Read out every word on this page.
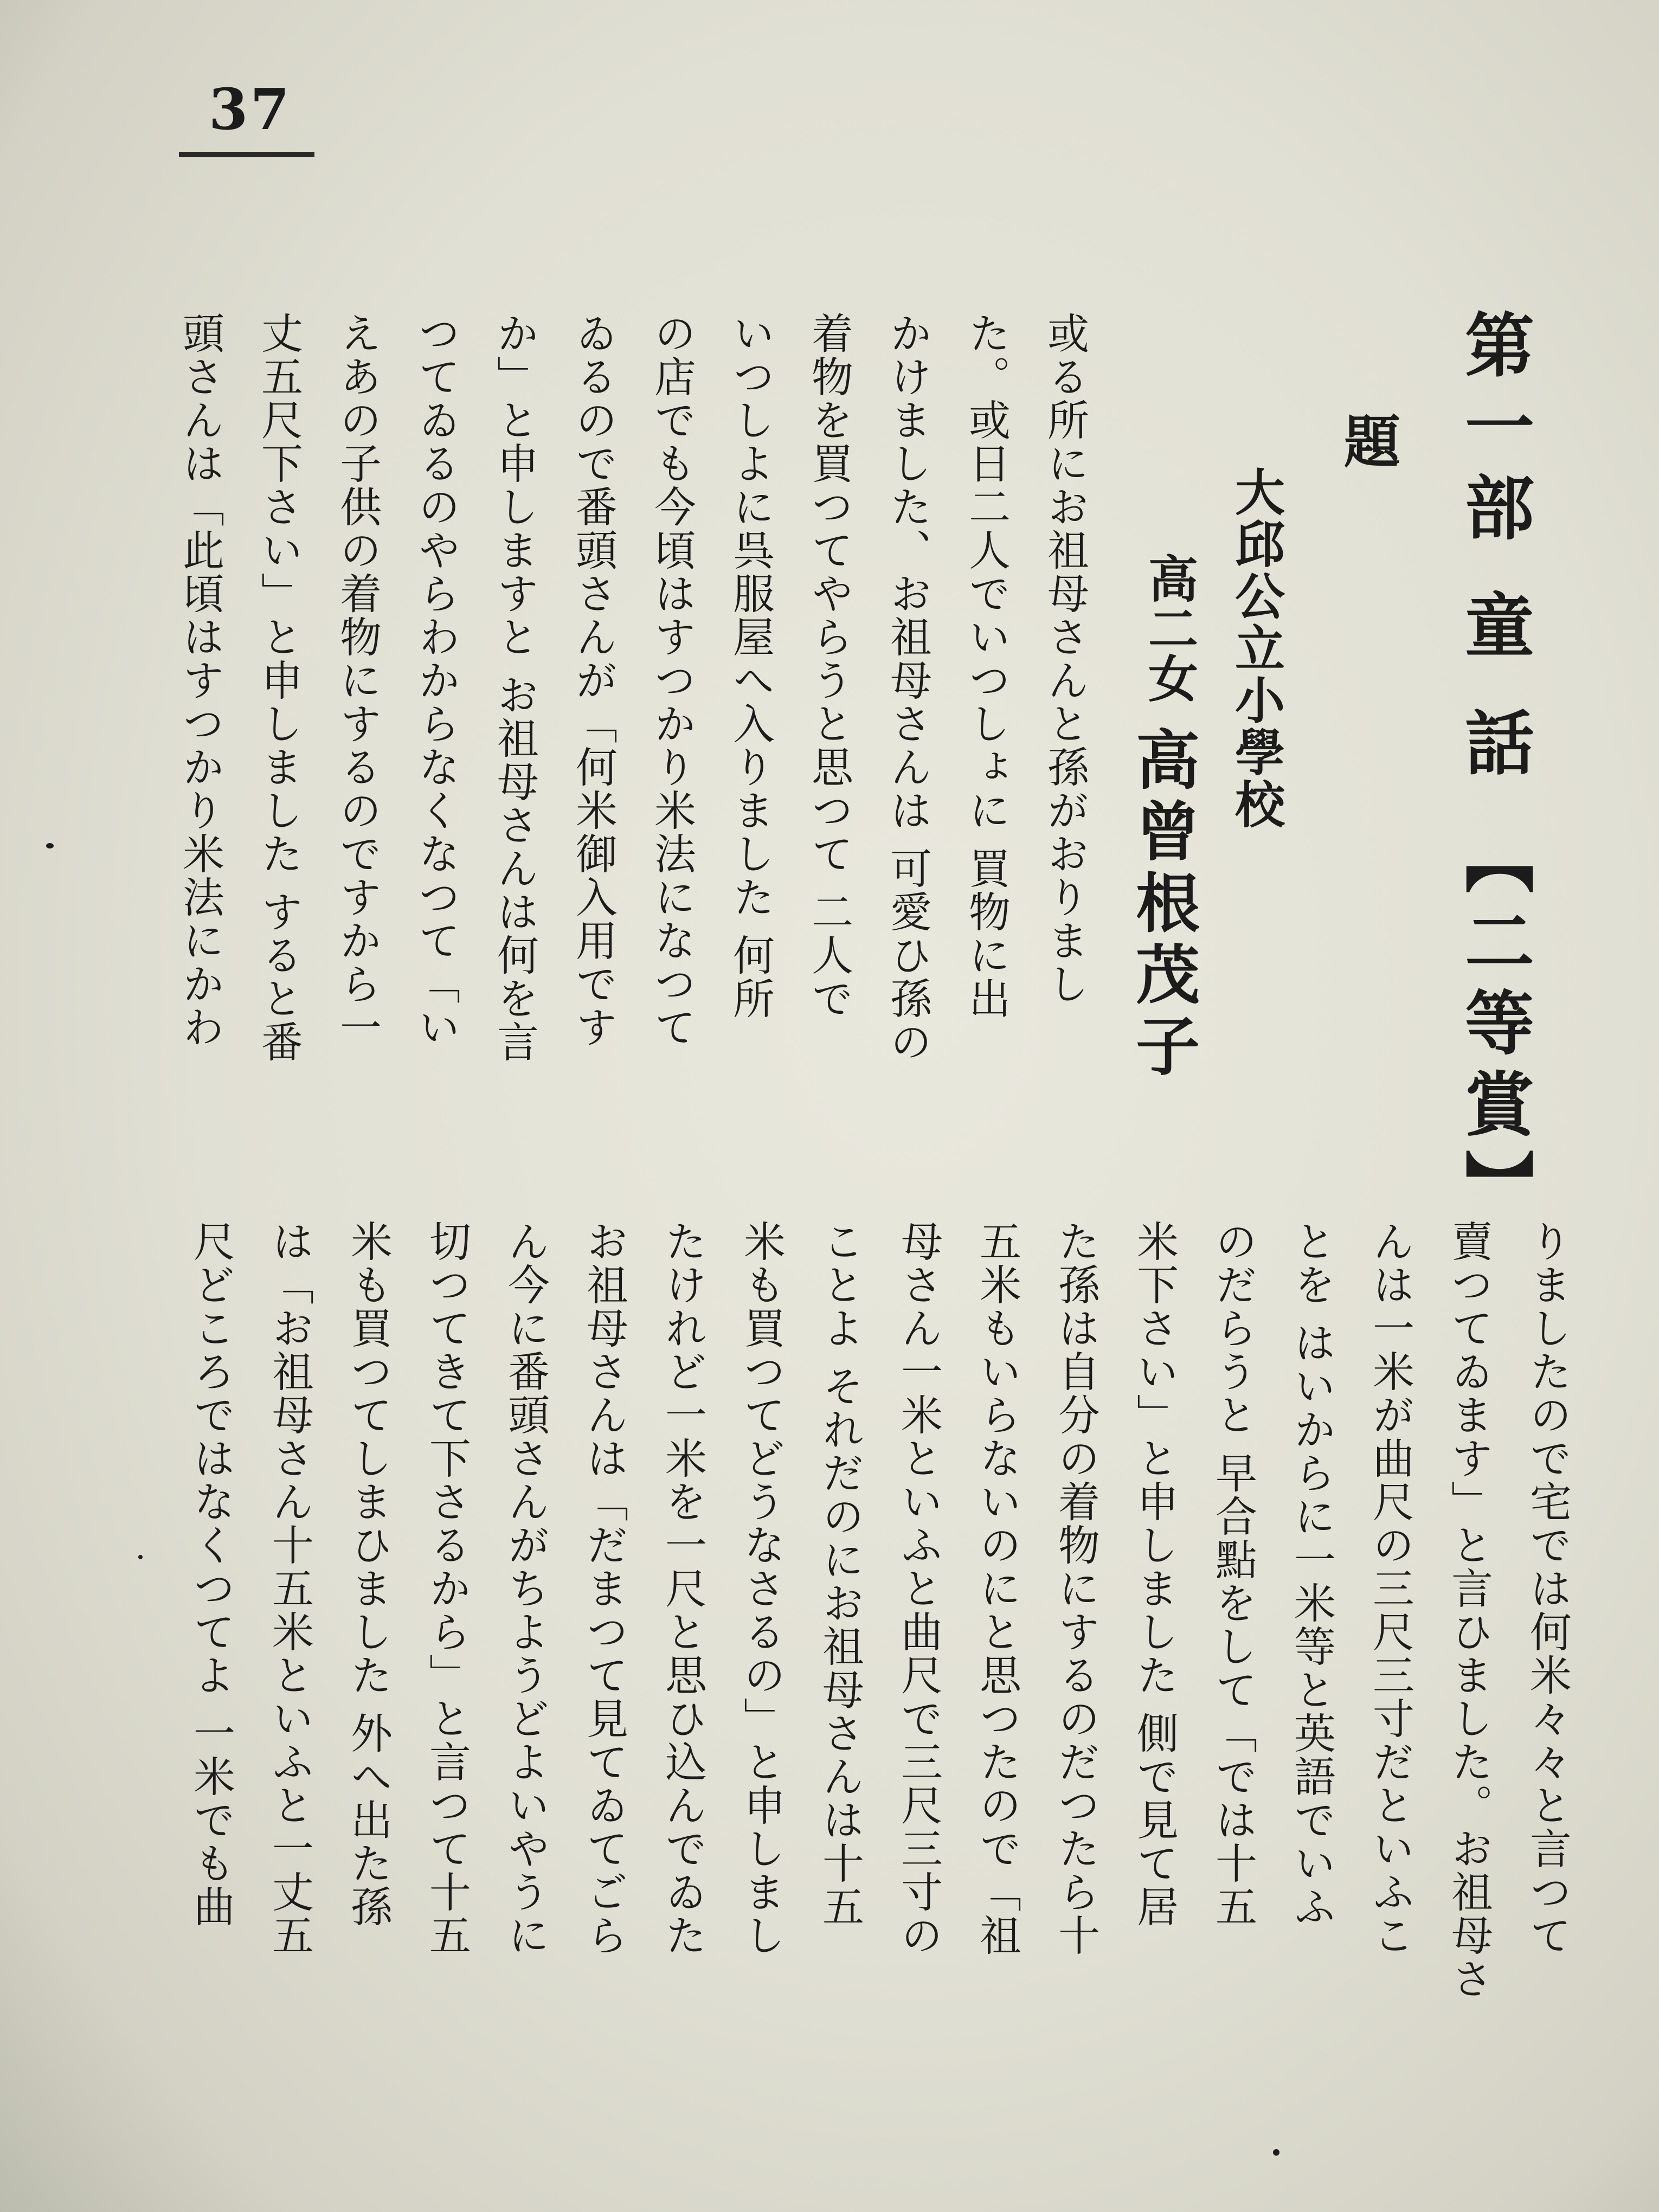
37
第一部 童 話 【二等賞】
題
大邱公立小學校
高二女
高曾根茂子
或る所にお祖母さんと孫がおりまし
た。或日二人でいつしょに 買物に出
かけました、お祖母さんは 可愛ひ孫の
着物を買つてやらうと思つて 二人で
いつしよに呉服屋へ入りました 何所
の店でも今頃はすつかり米法になつて
ゐるので番頭さんが「何米御入用です
か」と申しますと お祖母さんは何を言
つてゐるのやらわからなくなつて「い
えあの子供の着物にするのですから一
丈五尺下さい」と申しました すると番
頭さんは「此頃はすつかり米法にかわ
りましたので宅では何米々々と言つて
賣つてゐます」と言ひました。お祖母さ
んは一米が曲尺の三尺三寸だといふこ
とを はいからに一米等と英語でいふ
のだらうと 早合點をして「では十五
米下さい」と申しました 側で見て居
た孫は自分の着物にするのだつたら十
五米もいらないのにと思つたので「祖
母さん一米といふと曲尺で三尺三寸の
ことよ それだのにお祖母さんは十五
米も買つてどうなさるの」と申しまし
たけれど一米を一尺と思ひ込んでゐた
お祖母さんは「だまつて見てゐてごら
ん今に番頭さんがちようどよいやうに
切つてきて下さるから」と言つて十五
米も買つてしまひました 外へ出た孫
は「お祖母さん十五米といふと一丈五
尺どころではなくつてよ 一米でも曲
